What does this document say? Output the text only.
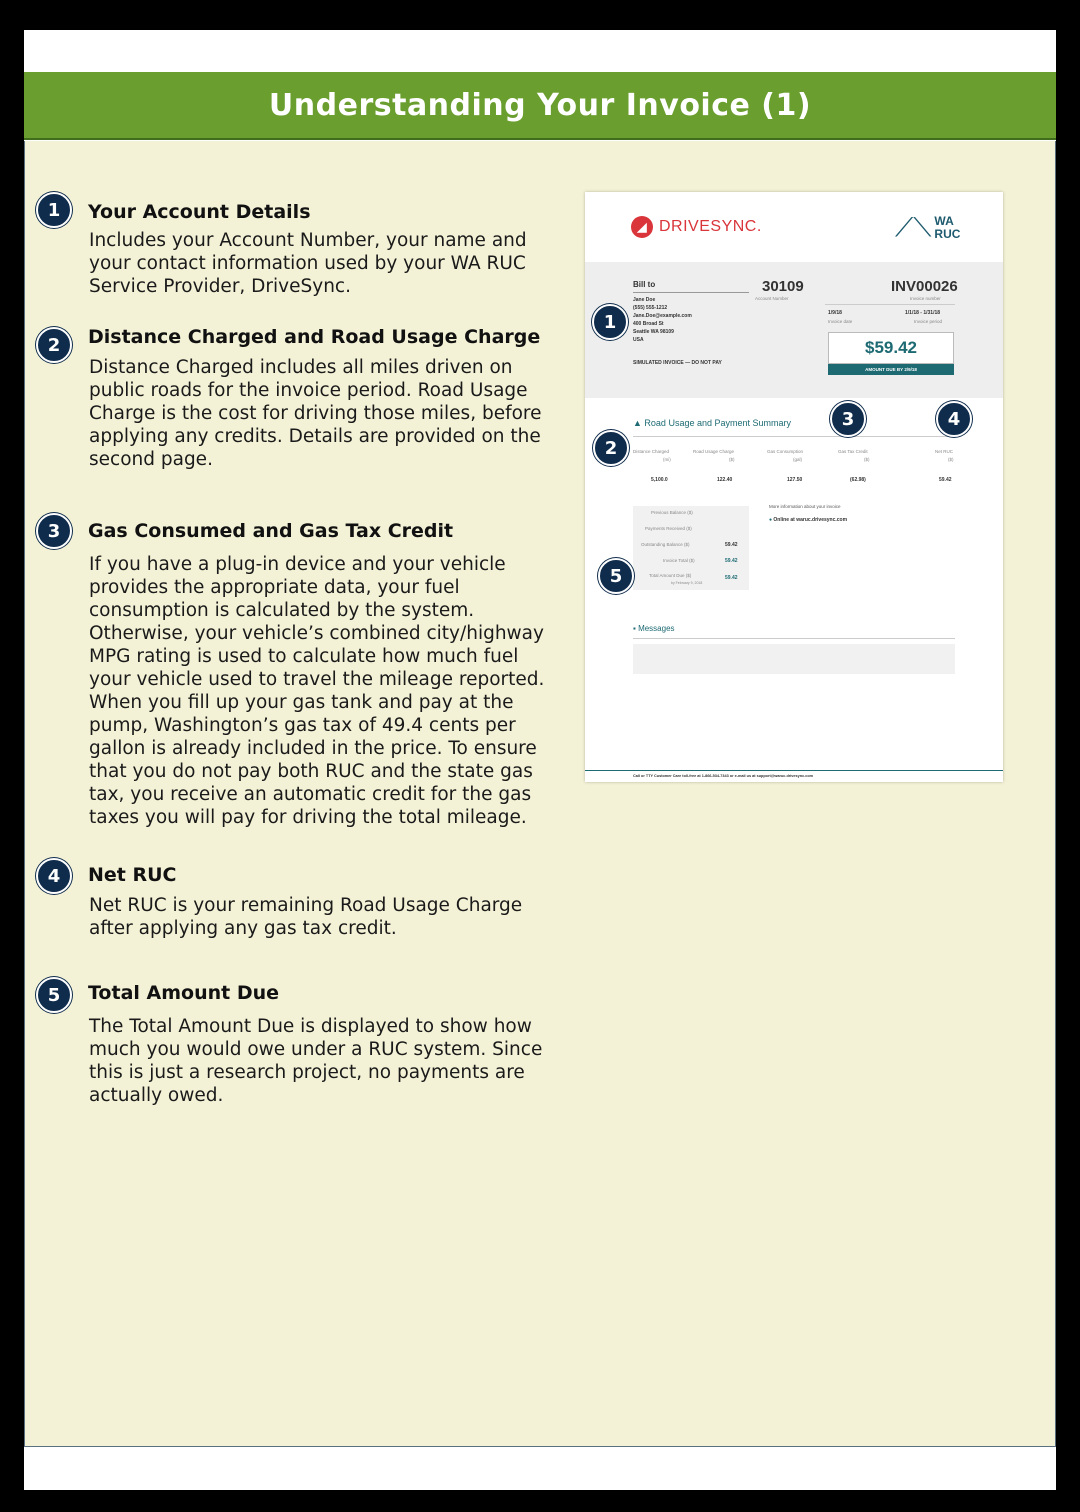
Understanding Your Invoice (1)
1	Your Account Details
Includes your Account Number, your name and your contact information used by your WA RUC Service Provider, DriveSync.
2	Distance Charged and Road Usage Charge
Distance Charged includes all miles driven on public roads for the invoice period. Road Usage Charge is the cost for driving those miles, before applying any credits. Details are provided on the second page.
3	Gas Consumed and Gas Tax Credit
If you have a plug-in device and your vehicle provides the appropriate data, your fuel consumption is calculated by the system. Otherwise, your vehicle’s combined city/highway MPG rating is used to calculate how much fuel your vehicle used to travel the mileage reported. When you fill up your gas tank and pay at the pump, Washington’s gas tax of 49.4 cents per gallon is already included in the price. To ensure that you do not pay both RUC and the state gas tax, you receive an automatic credit for the gas taxes you will pay for driving the total mileage.
4	Net RUC
Net RUC is your remaining Road Usage Charge after applying any gas tax credit.
5	Total Amount Due
The Total Amount Due is displayed to show how much you would owe under a RUC system. Since this is just a research project, no payments are actually owed.
◢ DRIVESYNC.	⟋⟍ WA
RUC
Bill to
Jane Doe
(555) 555-1212
Jane.Doe@example.com
400 Broad St
Seattle WA 98109
USA
SIMULATED INVOICE — DO NOT PAY
30109
Account Number
INV00026
Invoice number
1/9/18
Invoice date
1/1/18 - 1/31/18
Invoice period
$59.42
AMOUNT DUE BY 2/9/18
▲ Road Usage and Payment Summary
Distance Charged	Road Usage Charge	Gas Consumption	Gas Tax Credit	Net RUC
(mi)	($)	(gal)	($)	($)
5,100.0	122.40	127.50	(62.98)	59.42
Previous Balance ($)
Payments Received ($)
Outstanding Balance ($)	59.42
Invoice Total ($)	59.42
Total Amount Due ($)	59.42
by February 9, 2018
More information about your invoice
● Online at waruc.drivesync.com
▪ Messages
Call or TTY Customer Care toll-free at 1-866-534-7343 or e-mail us at support@waruc.drivesync.com
1
2
3	4
5
